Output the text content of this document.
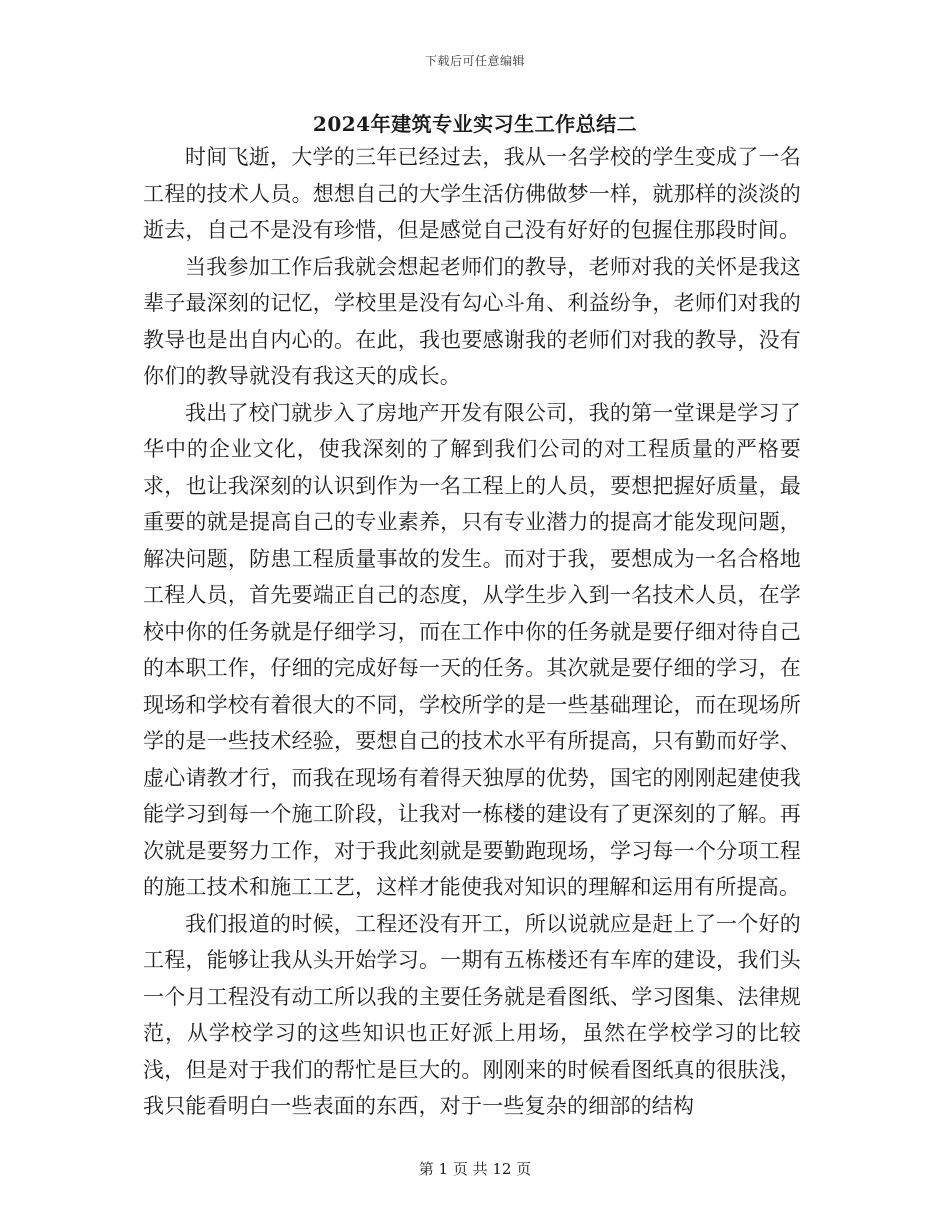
下载后可任意编辑
2024年建筑专业实习生工作总结二

时间飞逝，大学的三年已经过去，我从一名学校的学生变成了一名工程的技术人员。想想自己的大学生活仿佛做梦一样，就那样的淡淡的逝去，自己不是没有珍惜，但是感觉自己没有好好的包握住那段时间。

当我参加工作后我就会想起老师们的教导，老师对我的关怀是我这辈子最深刻的记忆，学校里是没有勾心斗角、利益纷争，老师们对我的教导也是出自内心的。在此，我也要感谢我的老师们对我的教导，没有你们的教导就没有我这天的成长。

我出了校门就步入了房地产开发有限公司，我的第一堂课是学习了华中的企业文化，使我深刻的了解到我们公司的对工程质量的严格要求，也让我深刻的认识到作为一名工程上的人员，要想把握好质量，最重要的就是提高自己的专业素养，只有专业潜力的提高才能发现问题，解决问题，防患工程质量事故的发生。而对于我，要想成为一名合格地工程人员，首先要端正自己的态度，从学生步入到一名技术人员，在学校中你的任务就是仔细学习，而在工作中你的任务就是要仔细对待自己的本职工作，仔细的完成好每一天的任务。其次就是要仔细的学习，在现场和学校有着很大的不同，学校所学的是一些基础理论，而在现场所学的是一些技术经验，要想自己的技术水平有所提高，只有勤而好学、虚心请教才行，而我在现场有着得天独厚的优势，国宅的刚刚起建使我能学习到每一个施工阶段，让我对一栋楼的建设有了更深刻的了解。再次就是要努力工作，对于我此刻就是要勤跑现场，学习每一个分项工程的施工技术和施工工艺，这样才能使我对知识的理解和运用有所提高。

我们报道的时候，工程还没有开工，所以说就应是赶上了一个好的工程，能够让我从头开始学习。一期有五栋楼还有车库的建设，我们头一个月工程没有动工所以我的主要任务就是看图纸、学习图集、法律规范，从学校学习的这些知识也正好派上用场，虽然在学校学习的比较浅，但是对于我们的帮忙是巨大的。刚刚来的时候看图纸真的很肤浅，我只能看明白一些表面的东西，对于一些复杂的细部的结构

第 1 页 共 12 页
